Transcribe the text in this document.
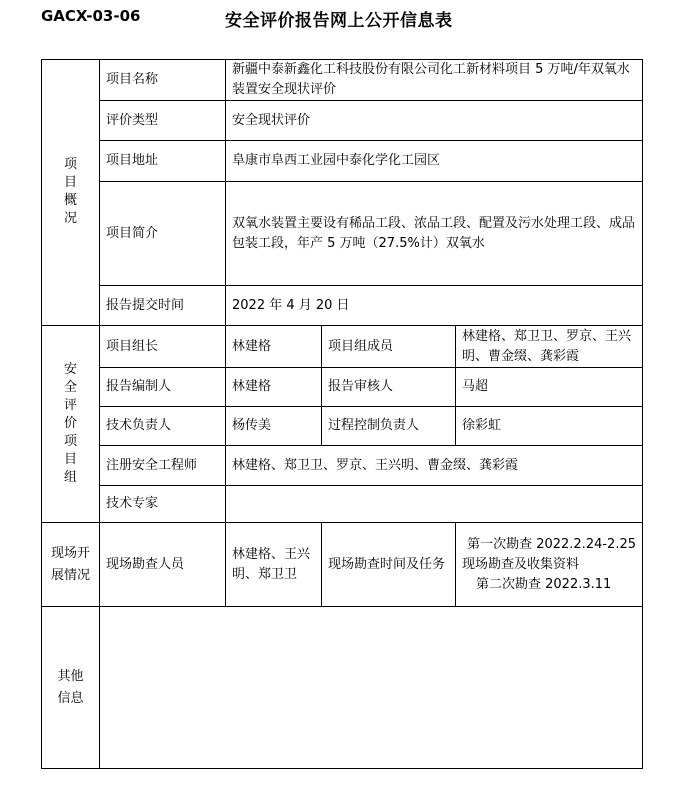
GACX-03-06	安全评价报告网上公开信息表
项目概况	项目名称	新疆中泰新鑫化工科技股份有限公司化工新材料项目 5 万吨/年双氧水装置安全现状评价		
	评价类型	安全现状评价		
	项目地址	阜康市阜西工业园中泰化学化工园区		
	项目简介	双氧水装置主要设有稀品工段、浓品工段、配置及污水处理工段、成品包装工段，年产 5 万吨（27.5%计）双氧水		
	报告提交时间	2022 年 4 月 20 日		
安全评价项目组	项目组长	林建格	项目组成员	林建格、郑卫卫、罗京、王兴明、曹金缀、龚彩霞
	报告编制人	林建格	报告审核人	马超
	技术负责人	杨传美	过程控制负责人	徐彩虹
	注册安全工程师	林建格、郑卫卫、罗京、王兴明、曹金缀、龚彩霞		
	技术专家			
现场开展情况	现场勘查人员	林建格、王兴明、郑卫卫	现场勘查时间及任务	第一次勘查 2022.2.24-2.25
现场勘查及收集资料
第二次勘查 2022.3.11

其他信息				
